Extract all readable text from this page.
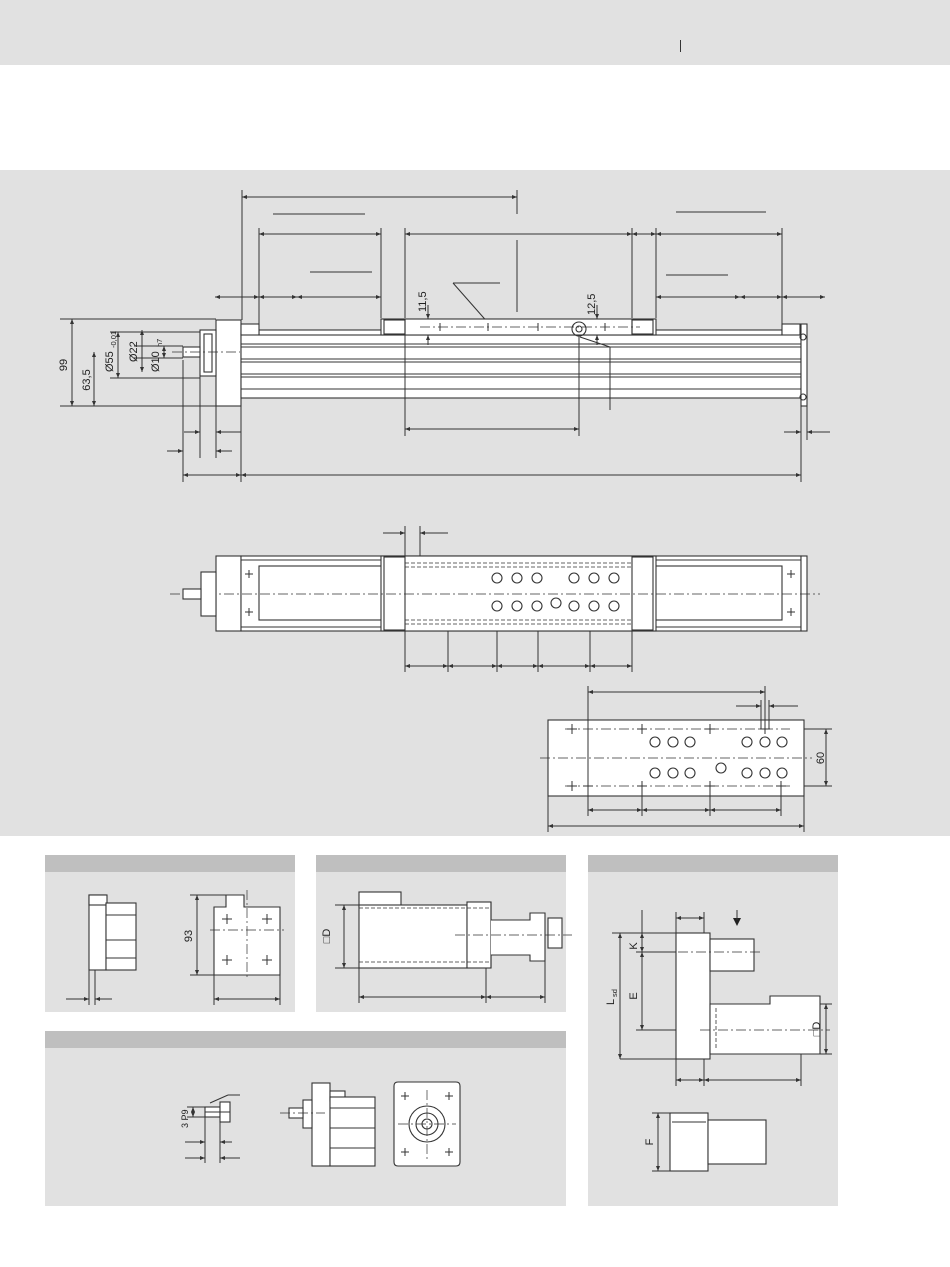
99
63,5
Ø55
-0,01
Ø22 Ø10
h7
11,5	12,5
60
93	□D
K
E
L
sd
□D
F
3 P9
